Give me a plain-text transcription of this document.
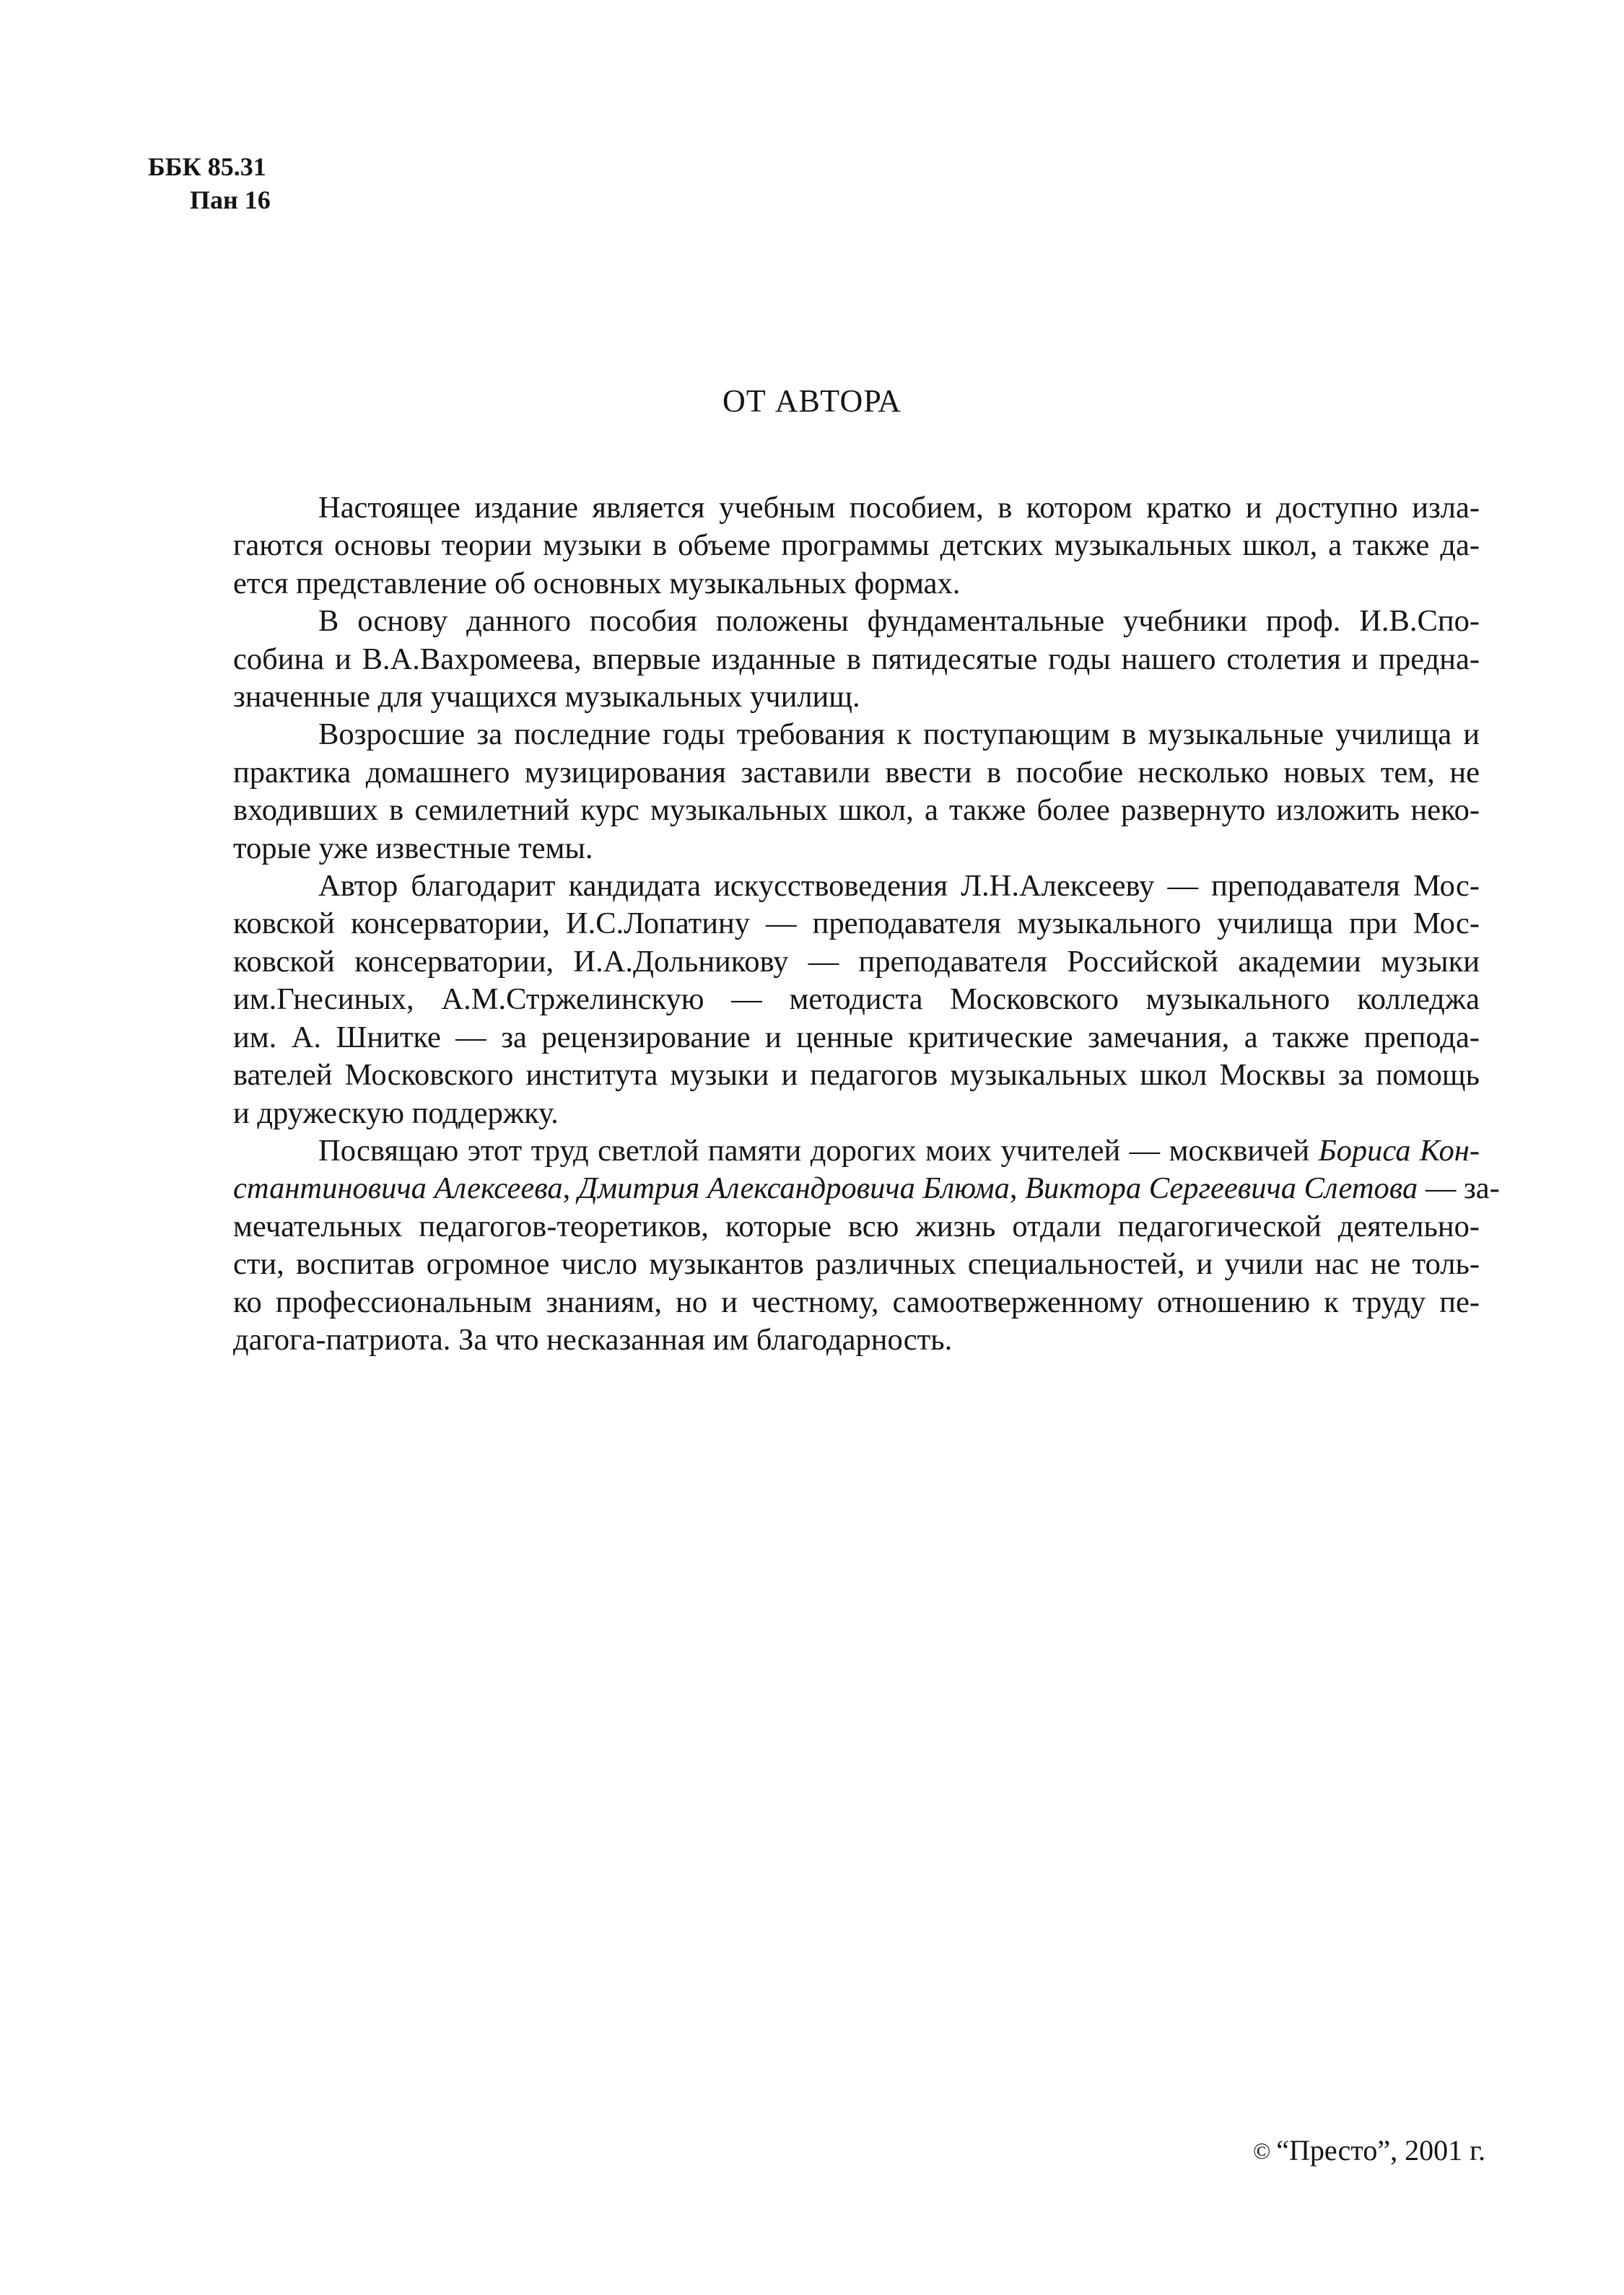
ББК 85.31
Пан 16
ОТ АВТОРА

Настоящее издание является учебным пособием, в котором кратко и доступно изла-
гаются основы теории музыки в объеме программы детских музыкальных школ, а также да-
ется представление об основных музыкальных формах.

В основу данного пособия положены фундаментальные учебники проф. И.В.Спо-
собина и В.А.Вахромеева, впервые изданные в пятидесятые годы нашего столетия и предна-
значенные для учащихся музыкальных училищ.

Возросшие за последние годы требования к поступающим в музыкальные училища и
практика домашнего музицирования заставили ввести в пособие несколько новых тем, не
входивших в семилетний курс музыкальных школ, а также более развернуто изложить неко-
торые уже известные темы.

Автор благодарит кандидата искусствоведения Л.Н.Алексееву — преподавателя Мос-
ковской консерватории, И.С.Лопатину — преподавателя музыкального училища при Мос-
ковской консерватории, И.А.Дольникову — преподавателя Российской академии музыки
им.Гнесиных, А.М.Стржелинскую — методиста Московского музыкального колледжа
им. А. Шнитке — за рецензирование и ценные критические замечания, а также препода-
вателей Московского института музыки и педагогов музыкальных школ Москвы за помощь
и дружескую поддержку.

Посвящаю этот труд светлой памяти дорогих моих учителей — москвичей Бориса Кон-
стантиновича Алексеева, Дмитрия Александровича Блюма, Виктора Сергеевича Слетова — за-
мечательных педагогов-теоретиков, которые всю жизнь отдали педагогической деятельно-
сти, воспитав огромное число музыкантов различных специальностей, и учили нас не толь-
ко профессиональным знаниям, но и честному, самоотверженному отношению к труду пе-
дагога-патриота. За что несказанная им благодарность.

© “Престо”, 2001 г.
